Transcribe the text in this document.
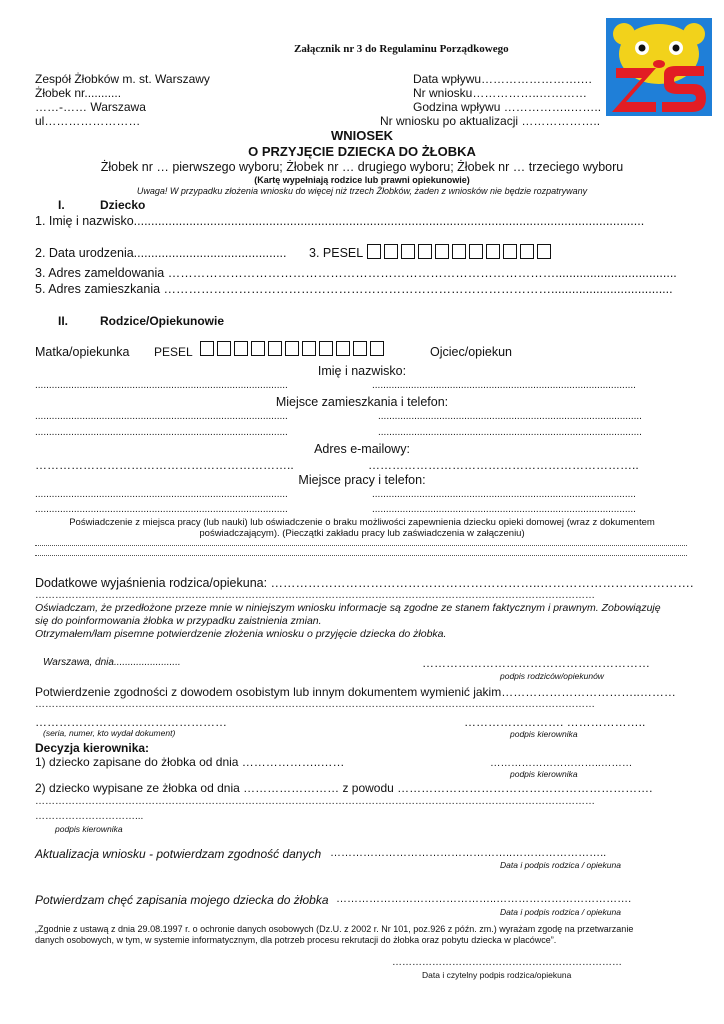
Załącznik nr 3 do Regulaminu Porządkowego
Zespół Żłobków m. st. Warszawy
Żłobek nr...........
……-…… Warszawa
ul……………………
Data wpływu…………………….…
Nr wniosku……………..…………
Godzina wpływu ……………..……..
Nr wniosku po aktualizacji ………………..
WNIOSEK
O PRZYJĘCIE DZIECKA DO ŻŁOBKA
Żłobek nr … pierwszego wyboru; Żłobek nr … drugiego wyboru; Żłobek nr … trzeciego wyboru
(Kartę wypełniają rodzice lub prawni opiekunowie)
Uwaga! W przypadku złożenia wniosku do więcej niż trzech Żłobków, żaden z wniosków nie będzie rozpatrywany
I.	Dziecko
1. Imię i nazwisko...................................................................................................................................................
2. Data urodzenia............................................ 3. PESEL
3. Adres zameldowania …………………………………………………………………………………...................................
5. Adres zamieszkania …………………………………………………………………………………...................................
II.	Rodzice/Opiekunowie
Matka/opiekunka PESEL	Ojciec/opiekun
Imię i nazwisko:
...........................................................................................	...............................................................................................
Miejsce zamieszkania i telefon:
...........................................................................................	...............................................................................................
...........................................................................................	...............................................................................................
Adres e-mailowy:
………………………………………………………..	…………………………………………………………..
Miejsce pracy i telefon:
...........................................................................................	...............................................................................................
...........................................................................................	...............................................................................................
Poświadczenie z miejsca pracy (lub nauki) lub oświadczenie o braku możliwości zapewnienia dziecku opieki domowej (wraz z dokumentem
poświadczającym). (Pieczątki zakładu pracy lub zaświadczenia w załączeniu)
Dodatkowe wyjaśnienia rodzica/opiekuna: ………………………………………………………..……………………………….
……………………………………………………………………………………………………………………………………………………
Oświadczam, że przedłożone przeze mnie w niniejszym wniosku informacje są zgodne ze stanem faktycznym i prawnym. Zobowiązuję
się do poinformowania żłobka w przypadku zaistnienia zmian.
Otrzymałem/łam pisemne potwierdzenie złożenia wniosku o przyjęcie dziecka do żłobka.
Warszawa, dnia........................	…………………………………………………
podpis rodziców/opiekunów
Potwierdzenie zgodności z dowodem osobistym lub innym dokumentem wymienić jakim……………………………..………
……………………………………………………………………………………………………………………………………………………
…………………………………………	……………………. ………………..
(seria, numer, kto wydał dokument)	podpis kierownika
Decyzja kierownika:
1) dziecko zapisane do żłobka od dnia ………………..……	…………………………..………
podpis kierownika
2) dziecko wypisane ze żłobka od dnia …………………… z powodu ……………………………………………………….
……………………………………………………………………………………………………………………………………………………
…………………………...
podpis kierownika
Aktualizacja wniosku - potwierdzam zgodność danych …………………………………………..……………………..
Data i podpis rodzica / opiekuna
Potwierdzam chęć zapisania mojego dziecka do żłobka ……………………………………..……………………………….
Data i podpis rodzica / opiekuna
„Zgodnie z ustawą z dnia 29.08.1997 r. o ochronie danych osobowych (Dz.U. z 2002 r. Nr 101, poz.926 z późn. zm.) wyrażam zgodę na przetwarzanie
danych osobowych, w tym, w systemie informatycznym, dla potrzeb procesu rekrutacji do żłobka oraz pobytu dziecka w placówce”.
……………………………………………………………
Data i czytelny podpis rodzica/opiekuna
